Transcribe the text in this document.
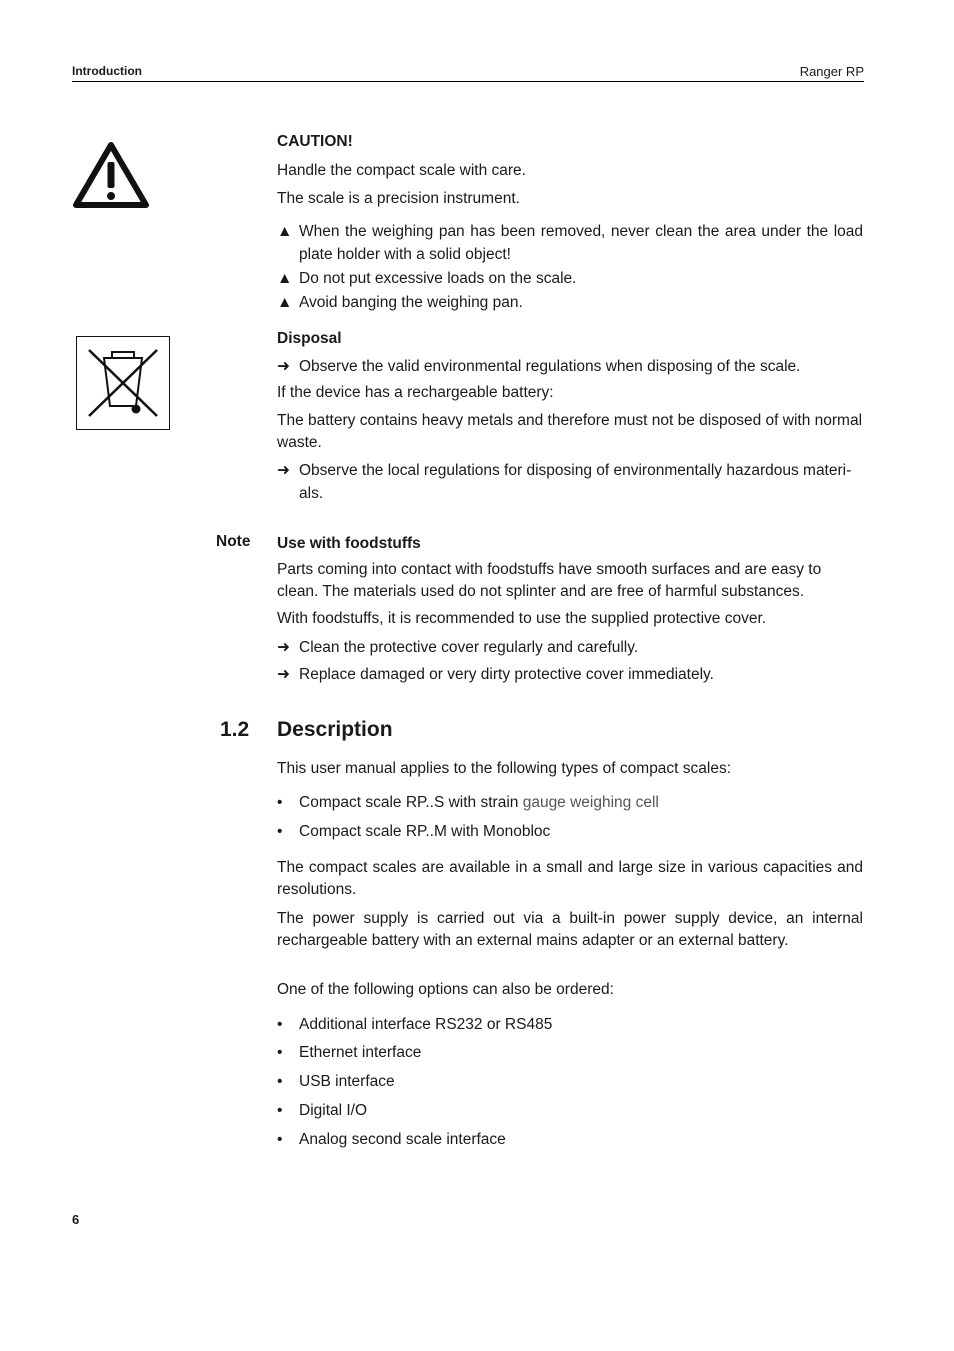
Introduction	Ranger RP
CAUTION!
Handle the compact scale with care.
The scale is a precision instrument.
▲ When the weighing pan has been removed, never clean the area under the load plate holder with a solid object!
▲ Do not put excessive loads on the scale.
▲ Avoid banging the weighing pan.
Disposal
➜ Observe the valid environmental regulations when disposing of the scale.
If the device has a rechargeable battery:
The battery contains heavy metals and therefore must not be disposed of with normal waste.
➜ Observe the local regulations for disposing of environmentally hazardous materi-als.
Note Use with foodstuffs
Parts coming into contact with foodstuffs have smooth surfaces and are easy to clean. The materials used do not splinter and are free of harmful substances.
With foodstuffs, it is recommended to use the supplied protective cover.
➜ Clean the protective cover regularly and carefully.
➜ Replace damaged or very dirty protective cover immediately.
1.2 Description
This user manual applies to the following types of compact scales:
•	Compact scale RP..S with strain gauge weighing cell
•	Compact scale RP..M with Monobloc
The compact scales are available in a small and large size in various capacities and resolutions.
The power supply is carried out via a built-in power supply device, an internal rechargeable battery with an external mains adapter or an external battery.
One of the following options can also be ordered:
•	Additional interface RS232 or RS485
•	Ethernet interface
•	USB interface
•	Digital I/O
•	Analog second scale interface
6
